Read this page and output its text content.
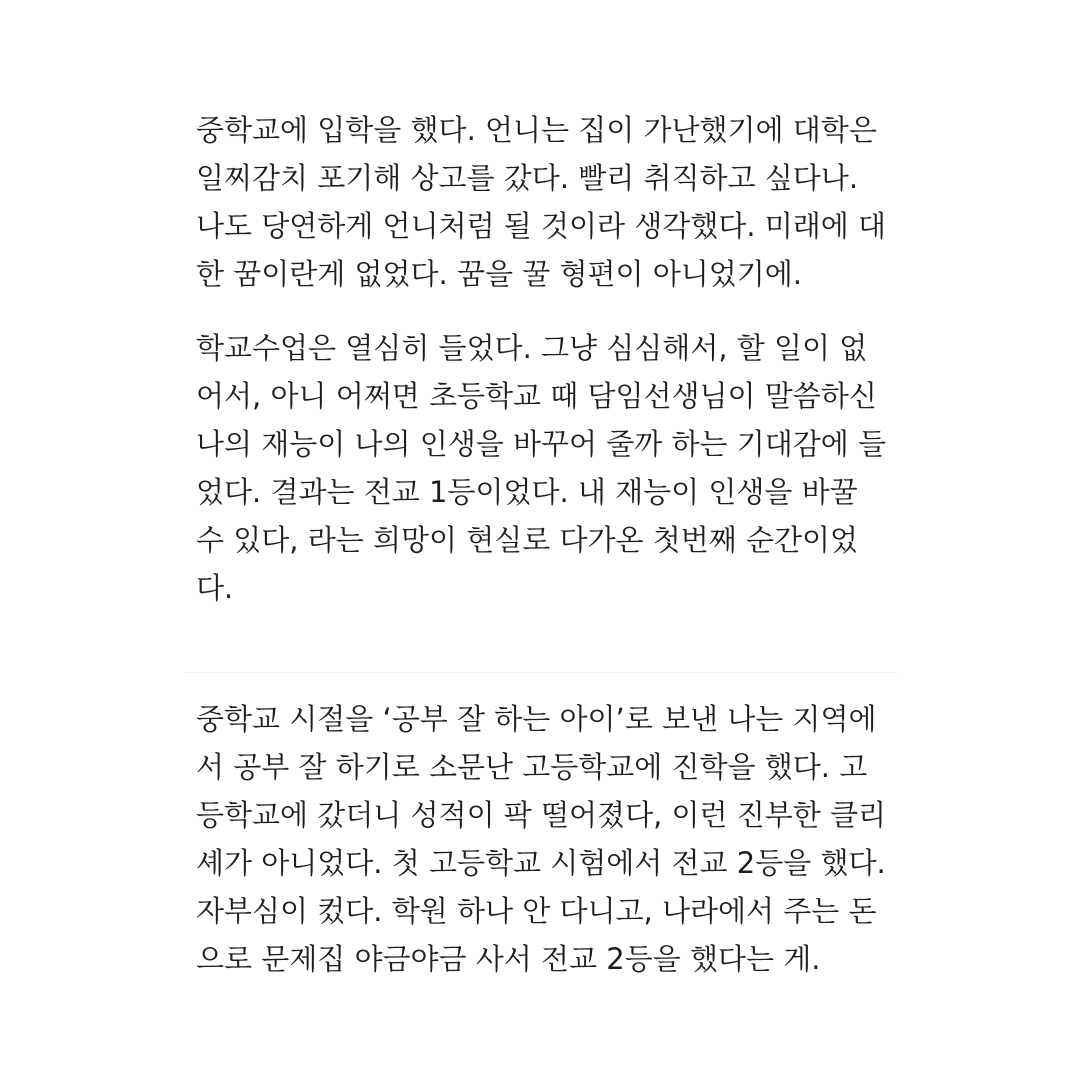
중학교에 입학을 했다. 언니는 집이 가난했기에 대학은
일찌감치 포기해 상고를 갔다. 빨리 취직하고 싶다나.
나도 당연하게 언니처럼 될 것이라 생각했다. 미래에 대
한 꿈이란게 없었다. 꿈을 꿀 형편이 아니었기에.

학교수업은 열심히 들었다. 그냥 심심해서, 할 일이 없
어서, 아니 어쩌면 초등학교 때 담임선생님이 말씀하신
나의 재능이 나의 인생을 바꾸어 줄까 하는 기대감에 들
었다. 결과는 전교 1등이었다. 내 재능이 인생을 바꿀
수 있다, 라는 희망이 현실로 다가온 첫번째 순간이었
다.

중학교 시절을 ‘공부 잘 하는 아이’로 보낸 나는 지역에
서 공부 잘 하기로 소문난 고등학교에 진학을 했다. 고
등학교에 갔더니 성적이 팍 떨어졌다, 이런 진부한 클리
셰가 아니었다. 첫 고등학교 시험에서 전교 2등을 했다.
자부심이 컸다. 학원 하나 안 다니고, 나라에서 주는 돈
으로 문제집 야금야금 사서 전교 2등을 했다는 게.
